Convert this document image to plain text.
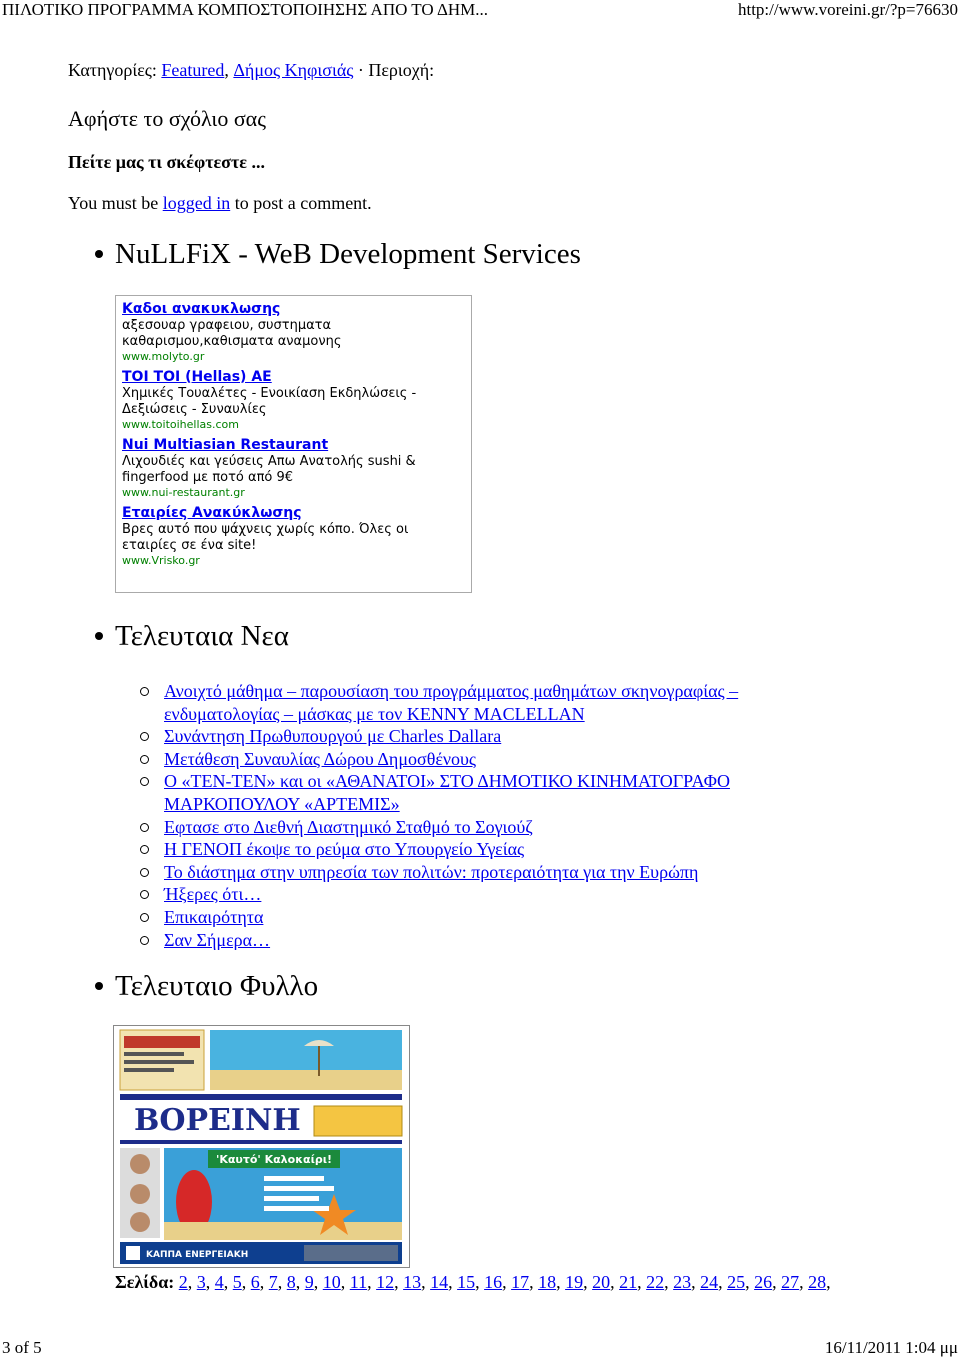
ΠΙΛΟΤΙΚΟ ΠΡΟΓΡΑΜΜΑ ΚΟΜΠΟΣΤΟΠΟΙΗΣΗΣ ΑΠΟ ΤΟ ΔΗΜ...	http://www.voreini.gr/?p=76630
Κατηγορίες: Featured, Δήμος Κηφισιάς · Περιοχή:
Αφήστε το σχόλιο σας
Πείτε μας τι σκέφτεστε ...
You must be logged in to post a comment.
NuLLFiX - WeB Development Services
Καδοι ανακυκλωσης
αξεσουαρ γραφειου, συστηματα καθαρισμου,καθισματα αναμονης
www.molyto.gr
TOI TOI (Hellas) AE
Χημικές Τουαλέτες - Ενοικίαση Εκδηλώσεις - Δεξιώσεις - Συναυλίες
www.toitoihellas.com
Nui Multiasian Restaurant
Λιχουδιές και γεύσεις Απω Ανατολής sushi & fingerfood με ποτό από 9€
www.nui-restaurant.gr
Εταιρίες Ανακύκλωσης
Βρες αυτό που ψάχνεις χωρίς κόπο. Όλες οι εταιρίες σε ένα site!
www.Vrisko.gr
Τελευταια Νεα
Ανοιχτό μάθημα – παρουσίαση του προγράμματος μαθημάτων σκηνογραφίας – ενδυματολογίας – μάσκας με τον KENNY MACLELLAN
Συνάντηση Πρωθυπουργού με Charles Dallara
Μετάθεση Συναυλίας Δώρου Δημοσθένους
Ο «ΤΕΝ-ΤΕΝ» και οι «ΑΘΑΝΑΤΟΙ» ΣΤΟ ΔΗΜΟΤΙΚΟ ΚΙΝΗΜΑΤΟΓΡΑΦΟ ΜΑΡΚΟΠΟΥΛΟΥ «ΑΡΤΕΜΙΣ»
Εφτασε στο Διεθνή Διαστημικό Σταθμό το Σογιούζ
Η ΓΕΝΟΠ έκοψε το ρεύμα στο Υπουργείο Υγείας
Το διάστημα στην υπηρεσία των πολιτών: προτεραιότητα για την Ευρώπη
Ήξερες ότι…
Επικαιρότητα
Σαν Σήμερα…
Τελευταιο Φυλλο
ΒΟΡΕΙΝΗ
'Καυτό' Καλοκαίρι!
ΚΑΠΠΑ ΕΝΕΡΓΕΙΑΚΗ
Σελίδα: 2, 3, 4, 5, 6, 7, 8, 9, 10, 11, 12, 13, 14, 15, 16, 17, 18, 19, 20, 21, 22, 23, 24, 25, 26, 27, 28,
3 of 5	16/11/2011 1:04 μμ
